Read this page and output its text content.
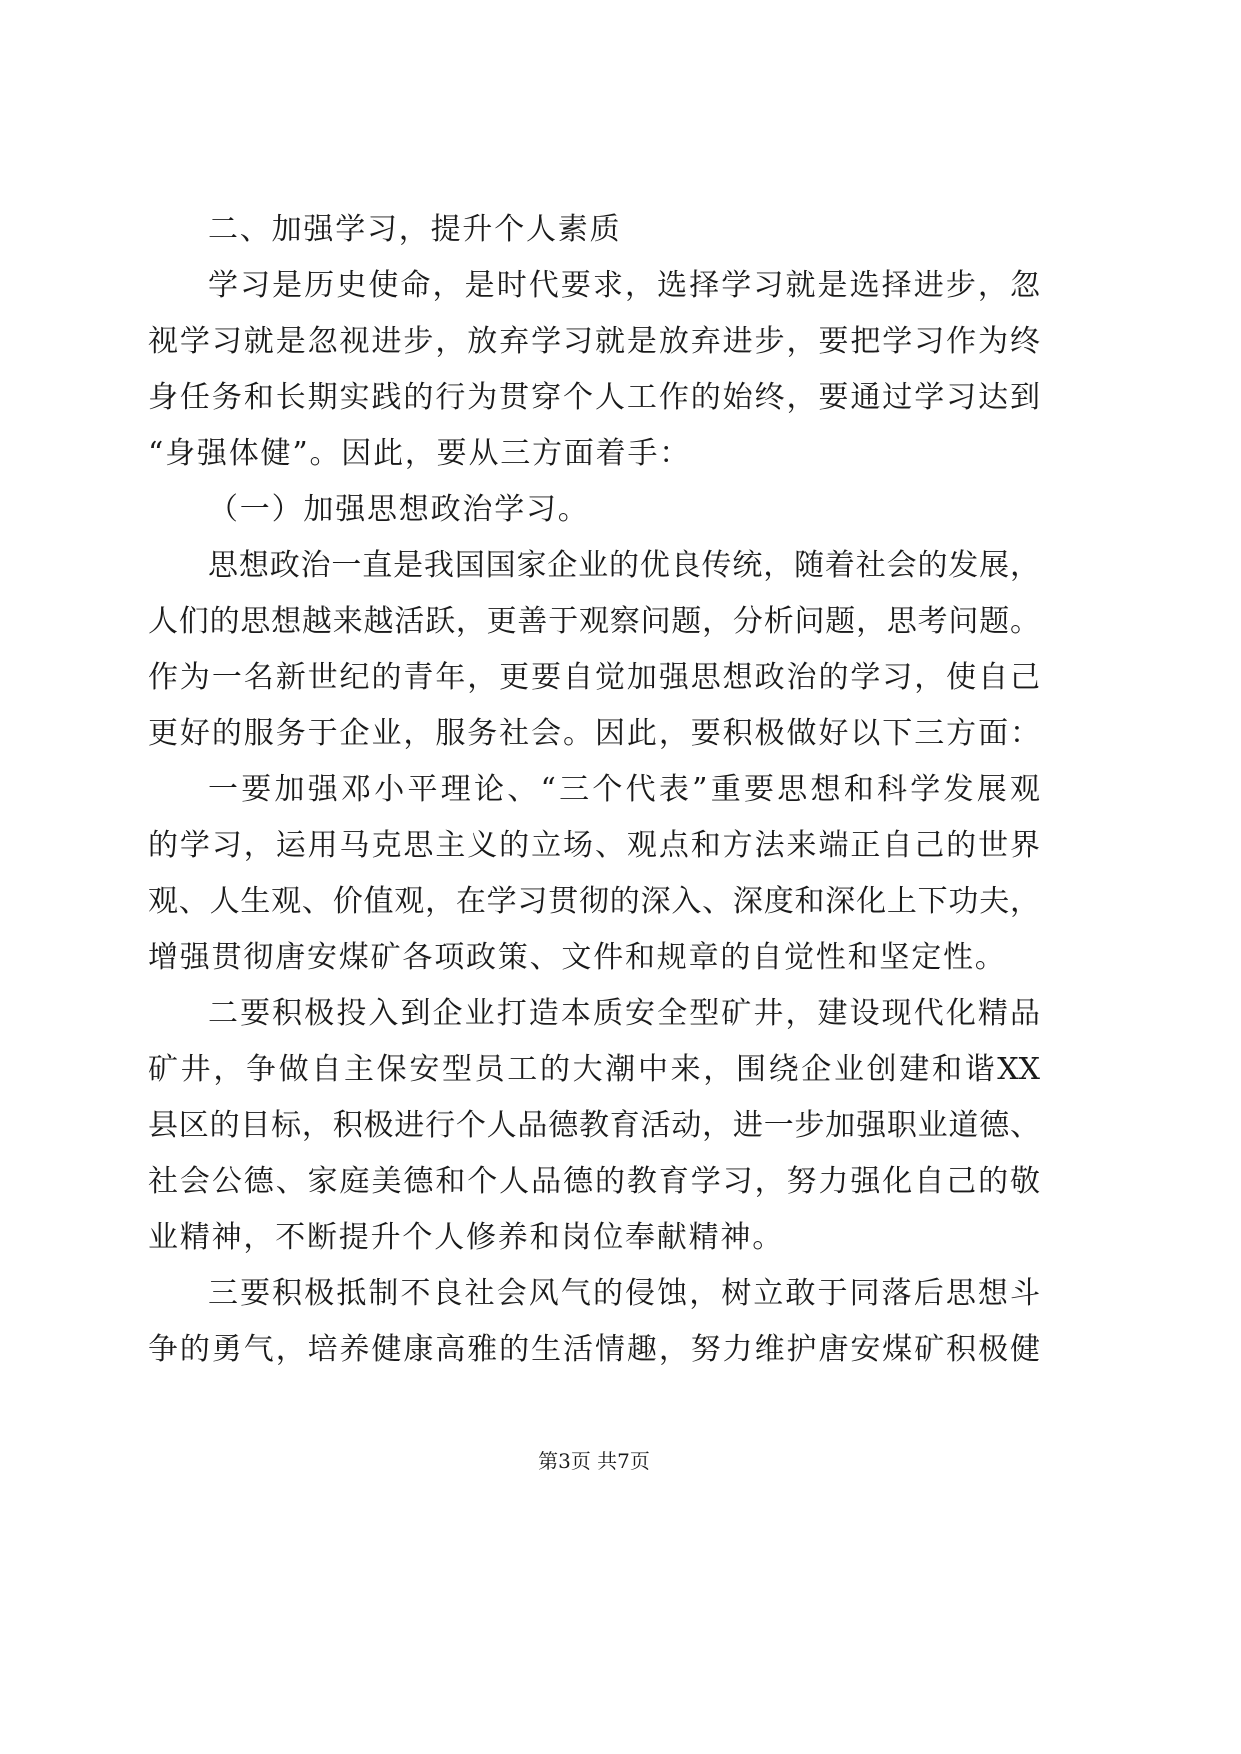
二、加强学习，提升个人素质
学习是历史使命，是时代要求，选择学习就是选择进步，忽
视学习就是忽视进步，放弃学习就是放弃进步，要把学习作为终
身任务和长期实践的行为贯穿个人工作的始终，要通过学习达到
“身强体健”。因此，要从三方面着手：
（一）加强思想政治学习。
思想政治一直是我国国家企业的优良传统，随着社会的发展，
人们的思想越来越活跃，更善于观察问题，分析问题，思考问题。
作为一名新世纪的青年，更要自觉加强思想政治的学习，使自己
更好的服务于企业，服务社会。因此，要积极做好以下三方面：
一要加强邓小平理论、“三个代表”重要思想和科学发展观
的学习，运用马克思主义的立场、观点和方法来端正自己的世界
观、人生观、价值观，在学习贯彻的深入、深度和深化上下功夫，
增强贯彻唐安煤矿各项政策、文件和规章的自觉性和坚定性。
二要积极投入到企业打造本质安全型矿井，建设现代化精品
矿井，争做自主保安型员工的大潮中来，围绕企业创建和谐XX
县区的目标，积极进行个人品德教育活动，进一步加强职业道德、
社会公德、家庭美德和个人品德的教育学习，努力强化自己的敬
业精神，不断提升个人修养和岗位奉献精神。
三要积极抵制不良社会风气的侵蚀，树立敢于同落后思想斗
争的勇气，培养健康高雅的生活情趣，努力维护唐安煤矿积极健
第3页 共7页
